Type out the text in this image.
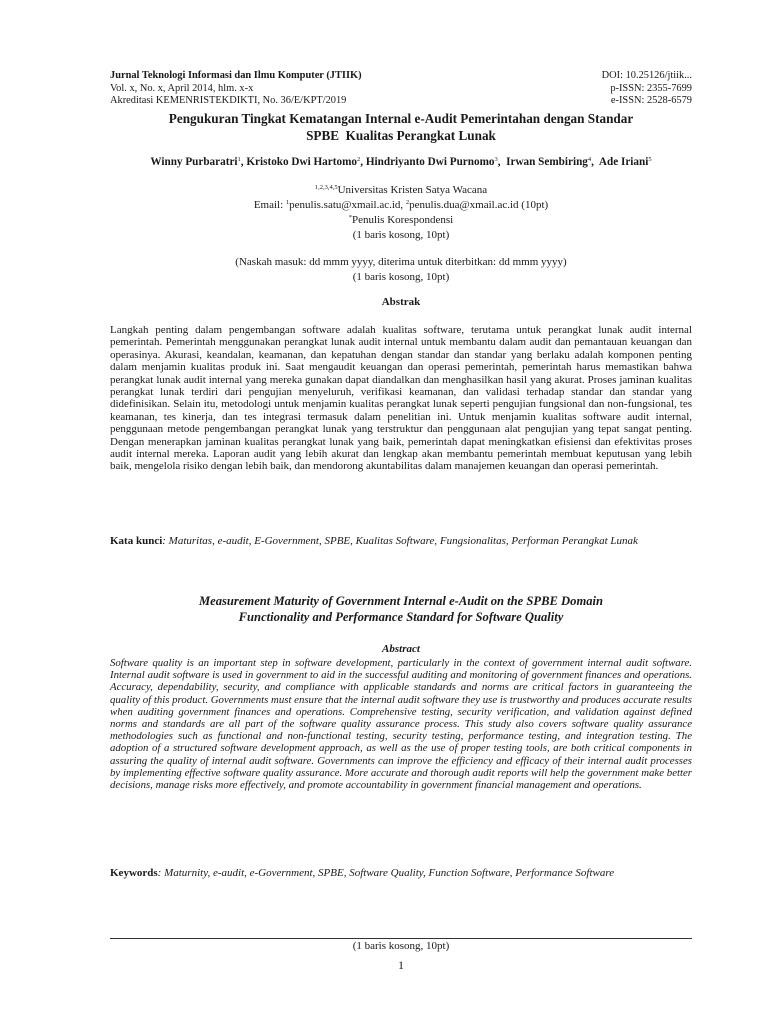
Jurnal Teknologi Informasi dan Ilmu Komputer (JTIIK)	DOI: 10.25126/jtiik...
Vol. x, No. x, April 2014, hlm. x-x	p-ISSN: 2355-7699
Akreditasi KEMENRISTEKDIKTI, No. 36/E/KPT/2019	e-ISSN: 2528-6579
Pengukuran Tingkat Kematangan Internal e-Audit Pemerintahan dengan Standar
SPBE  Kualitas Perangkat Lunak
Winny Purbaratri$^1$, Kristoko Dwi Hartomo$^2$, Hindriyanto Dwi Purnomo$^3$,  Irwan Sembiring$^4$,  Ade Iriani$^5$
$^{1,2,3,4,5}$Universitas Kristen Satya Wacana
Email: $^1$penulis.satu@xmail.ac.id, $^2$penulis.dua@xmail.ac.id (10pt)
*Penulis Korespondensi
(1 baris kosong, 10pt)
(Naskah masuk: dd mmm yyyy, diterima untuk diterbitkan: dd mmm yyyy)
(1 baris kosong, 10pt)
Abstrak
Langkah penting dalam pengembangan software adalah kualitas software, terutama untuk perangkat lunak audit internal pemerintah. Pemerintah menggunakan perangkat lunak audit internal untuk membantu dalam audit dan pemantauan keuangan dan operasinya. Akurasi, keandalan, keamanan, dan kepatuhan dengan standar dan standar yang berlaku adalah komponen penting dalam menjamin kualitas produk ini. Saat mengaudit keuangan dan operasi pemerintah, pemerintah harus memastikan bahwa perangkat lunak audit internal yang mereka gunakan dapat diandalkan dan menghasilkan hasil yang akurat. Proses jaminan kualitas perangkat lunak terdiri dari pengujian menyeluruh, verifikasi keamanan, dan validasi terhadap standar dan standar yang didefinisikan. Selain itu, metodologi untuk menjamin kualitas perangkat lunak seperti pengujian fungsional dan non-fungsional, tes keamanan, tes kinerja, dan tes integrasi termasuk dalam penelitian ini. Untuk menjamin kualitas software audit internal, penggunaan metode pengembangan perangkat lunak yang terstruktur dan penggunaan alat pengujian yang tepat sangat penting. Dengan menerapkan jaminan kualitas perangkat lunak yang baik, pemerintah dapat meningkatkan efisiensi dan efektivitas proses audit internal mereka. Laporan audit yang lebih akurat dan lengkap akan membantu pemerintah membuat keputusan yang lebih baik, mengelola risiko dengan lebih baik, dan mendorong akuntabilitas dalam manajemen keuangan dan operasi pemerintah.
Kata kunci: Maturitas, e-audit, E-Government, SPBE, Kualitas Software, Fungsionalitas, Performan Perangkat Lunak
Measurement Maturity of Government Internal e-Audit on the SPBE Domain
Functionality and Performance Standard for Software Quality
Abstract
Software quality is an important step in software development, particularly in the context of government internal audit software. Internal audit software is used in government to aid in the successful auditing and monitoring of government finances and operations. Accuracy, dependability, security, and compliance with applicable standards and norms are critical factors in guaranteeing the quality of this product. Governments must ensure that the internal audit software they use is trustworthy and produces accurate results when auditing government finances and operations. Comprehensive testing, security verification, and validation against defined norms and standards are all part of the software quality assurance process. This study also covers software quality assurance methodologies such as functional and non-functional testing, security testing, performance testing, and integration testing. The adoption of a structured software development approach, as well as the use of proper testing tools, are both critical components in assuring the quality of internal audit software. Governments can improve the efficiency and efficacy of their internal audit processes by implementing effective software quality assurance. More accurate and thorough audit reports will help the government make better decisions, manage risks more effectively, and promote accountability in government financial management and operations.
Keywords: Maturnity, e-audit, e-Government, SPBE, Software Quality, Function Software, Performance Software
(1 baris kosong, 10pt)
1
